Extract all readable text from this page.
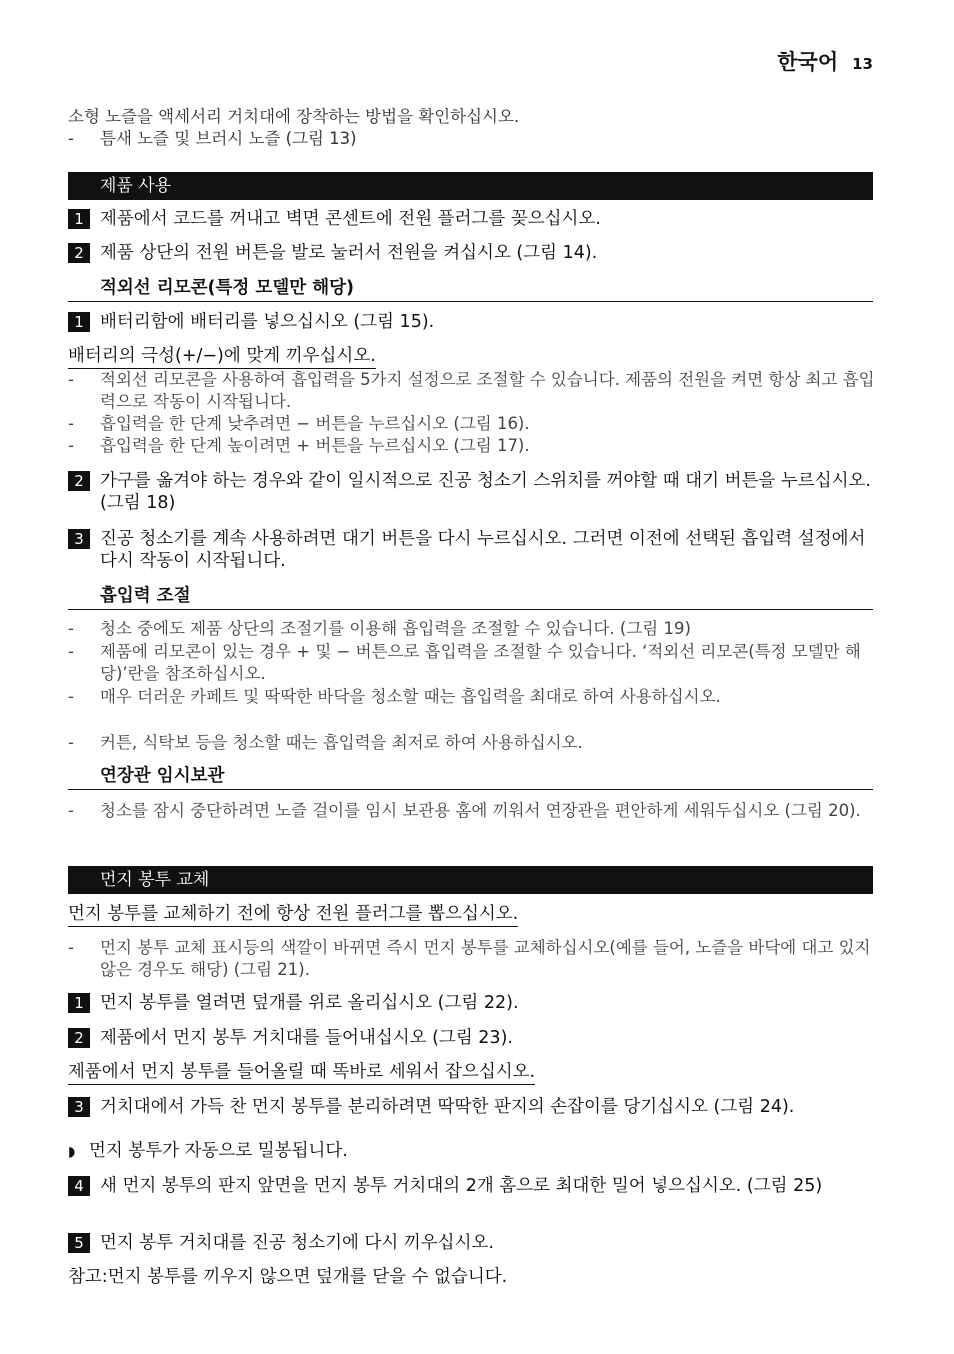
한국어 13
소형 노즐을 액세서리 거치대에 장착하는 방법을 확인하십시오.
- 틈새 노즐 및 브러시 노즐 (그림 13)
제품 사용
1 제품에서 코드를 꺼내고 벽면 콘센트에 전원 플러그를 꽂으십시오.
2 제품 상단의 전원 버튼을 발로 눌러서 전원을 켜십시오 (그림 14).
적외선 리모콘(특정 모델만 해당)
1 배터리함에 배터리를 넣으십시오 (그림 15).
배터리의 극성(+/−)에 맞게 끼우십시오.
- 적외선 리모콘을 사용하여 흡입력을 5가지 설정으로 조절할 수 있습니다. 제품의 전원을 켜면 항상 최고 흡입력으로 작동이 시작됩니다.
- 흡입력을 한 단계 낮추려면 − 버튼을 누르십시오 (그림 16).
- 흡입력을 한 단계 높이려면 + 버튼을 누르십시오 (그림 17).
2 가구를 옮겨야 하는 경우와 같이 일시적으로 진공 청소기 스위치를 꺼야할 때 대기 버튼을 누르십시오. (그림 18)
3 진공 청소기를 계속 사용하려면 대기 버튼을 다시 누르십시오. 그러면 이전에 선택된 흡입력 설정에서 다시 작동이 시작됩니다.
흡입력 조절
- 청소 중에도 제품 상단의 조절기를 이용해 흡입력을 조절할 수 있습니다. (그림 19)
- 제품에 리모콘이 있는 경우 + 및 − 버튼으로 흡입력을 조절할 수 있습니다. ‘적외선 리모콘(특정 모델만 해당)’란을 참조하십시오.
- 매우 더러운 카페트 및 딱딱한 바닥을 청소할 때는 흡입력을 최대로 하여 사용하십시오.
- 커튼, 식탁보 등을 청소할 때는 흡입력을 최저로 하여 사용하십시오.
연장관 임시보관
- 청소를 잠시 중단하려면 노즐 걸이를 임시 보관용 홈에 끼워서 연장관을 편안하게 세워두십시오 (그림 20).
먼지 봉투 교체
먼지 봉투를 교체하기 전에 항상 전원 플러그를 뽑으십시오.
- 먼지 봉투 교체 표시등의 색깔이 바뀌면 즉시 먼지 봉투를 교체하십시오(예를 들어, 노즐을 바닥에 대고 있지 않은 경우도 해당) (그림 21).
1 먼지 봉투를 열려면 덮개를 위로 올리십시오 (그림 22).
2 제품에서 먼지 봉투 거치대를 들어내십시오 (그림 23).
제품에서 먼지 봉투를 들어올릴 때 똑바로 세워서 잡으십시오.
3 거치대에서 가득 찬 먼지 봉투를 분리하려면 딱딱한 판지의 손잡이를 당기십시오 (그림 24).
◗ 먼지 봉투가 자동으로 밀봉됩니다.
4 새 먼지 봉투의 판지 앞면을 먼지 봉투 거치대의 2개 홈으로 최대한 밀어 넣으십시오. (그림 25)
5 먼지 봉투 거치대를 진공 청소기에 다시 끼우십시오.
참고:먼지 봉투를 끼우지 않으면 덮개를 닫을 수 없습니다.
